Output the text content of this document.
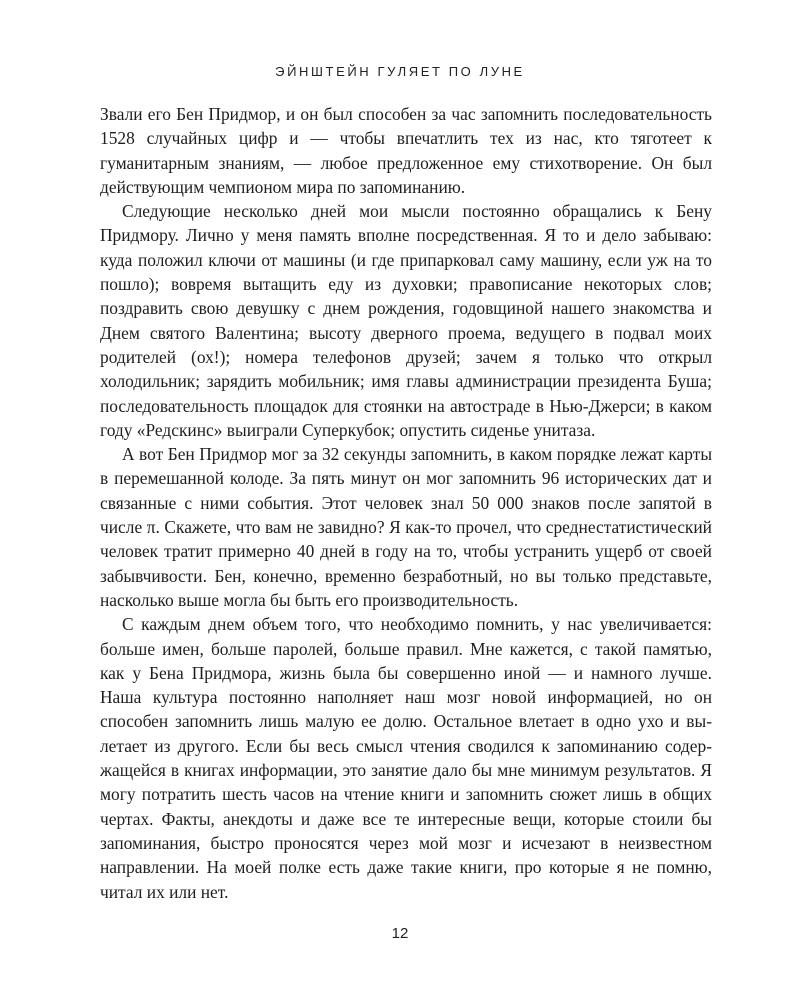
ЭЙНШТЕЙН ГУЛЯЕТ ПО ЛУНЕ

Звали его Бен Придмор, и он был способен за час запомнить последовательность 1528 случайных цифр и — чтобы впечатлить тех из нас, кто тяготеет к гуманитарным знаниям, — любое предложенное ему стихотворение. Он был действующим чемпионом мира по запоминанию.

Следующие несколько дней мои мысли постоянно обращались к Бену Придмору. Лично у меня память вполне посредственная. Я то и дело забываю: куда положил ключи от машины (и где припарковал саму машину, если уж на то пошло); вовремя вытащить еду из духовки; правописание некоторых слов; поздравить свою девушку с днем рождения, годовщиной нашего знакомства и Днем святого Валентина; высоту дверного проема, ведущего в подвал моих родителей (ох!); номера телефонов друзей; зачем я только что открыл холодильник; зарядить мобильник; имя главы администрации президента Буша; последовательность площадок для стоянки на автостраде в Нью-Джерси; в каком году «Редскинс» выиграли Суперкубок; опустить сиденье унитаза.

А вот Бен Придмор мог за 32 секунды запомнить, в каком порядке лежат карты в перемешанной колоде. За пять минут он мог запомнить 96 исторических дат и связанные с ними события. Этот человек знал 50 000 знаков после запятой в числе π. Скажете, что вам не завидно? Я как-то прочел, что среднестатистический человек тратит примерно 40 дней в году на то, чтобы устранить ущерб от своей забывчивости. Бен, конечно, временно безработный, но вы только представьте, насколько выше могла бы быть его производительность.

С каждым днем объем того, что необходимо помнить, у нас увеличивается: больше имен, больше паролей, больше правил. Мне кажется, с такой памятью, как у Бена Придмора, жизнь была бы совершенно иной — и намного лучше. Наша культура постоянно наполняет наш мозг новой информацией, но он способен запомнить лишь малую ее долю. Остальное влетает в одно ухо и вылетает из другого. Если бы весь смысл чтения сводился к запоминанию содержащейся в книгах информации, это занятие дало бы мне минимум результатов. Я могу потратить шесть часов на чтение книги и запомнить сюжет лишь в общих чертах. Факты, анекдоты и даже все те интересные вещи, которые стоили бы запоминания, быстро проносятся через мой мозг и исчезают в неизвестном направлении. На моей полке есть даже такие книги, про которые я не помню, читал их или нет.

12
